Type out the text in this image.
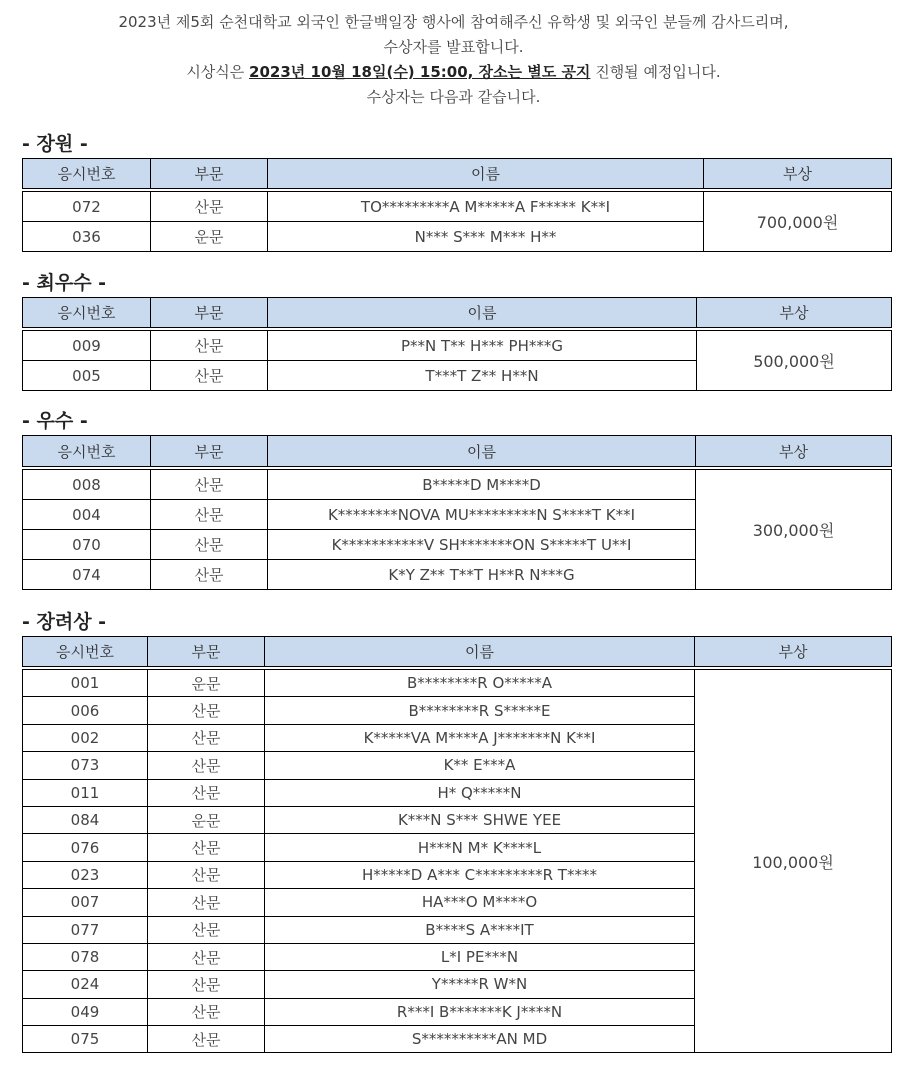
2023년 제5회 순천대학교 외국인 한글백일장 행사에 참여해주신 유학생 및 외국인 분들께 감사드리며,

수상자를 발표합니다.

시상식은 2023년 10월 18일(수) 15:00, 장소는 별도 공지 진행될 예정입니다.

수상자는 다음과 같습니다.

- 장원 -
응시번호	부문	이름	부상

072	산문	TO*********A M*****A F***** K**I	700,000원
036	운문	N*** S*** M*** H**	
- 최우수 -
응시번호	부문	이름	부상

009	산문	P**N T** H*** PH***G	500,000원
005	산문	T***T Z** H**N	
- 우수 -
응시번호	부문	이름	부상

008	산문	B*****D M****D	300,000원
004	산문	K********NOVA MU*********N S****T K**I	
070	산문	K***********V SH*******ON S*****T U**I	
074	산문	K*Y Z** T**T H**R N***G	
- 장려상 -
응시번호	부문	이름	부상

001	운문	B********R O*****A	100,000원
006	산문	B********R S*****E	
002	산문	K*****VA M****A J*******N K**I	
073	산문	K** E***A	
011	산문	H* Q*****N	
084	운문	K***N S*** SHWE YEE	
076	산문	H***N M* K****L	
023	산문	H*****D A*** C*********R T****	
007	산문	HA***O M****O	
077	산문	B****S A****IT	
078	산문	L*I PE***N	
024	산문	Y*****R W*N	
049	산문	R***I B*******K J****N	
075	산문	S**********AN MD	
